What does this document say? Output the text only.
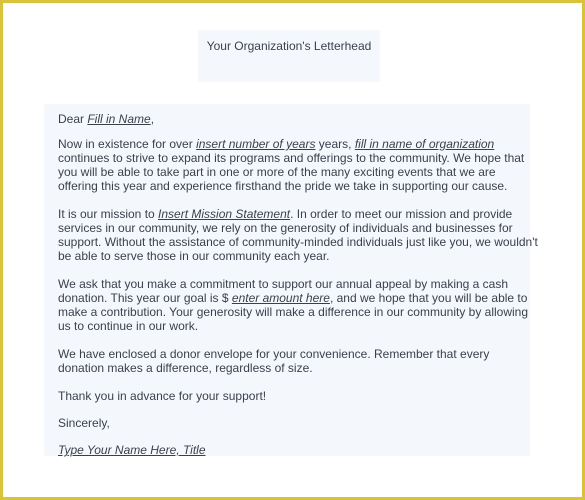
Your Organization's Letterhead

Dear Fill in Name,

Now in existence for over insert number of years years, fill in name of organization continues to strive to expand its programs and offerings to the community. We hope that you will be able to take part in one or more of the many exciting events that we are offering this year and experience firsthand the pride we take in supporting our cause.

It is our mission to Insert Mission Statement. In order to meet our mission and provide services in our community, we rely on the generosity of individuals and businesses for support. Without the assistance of community-minded individuals just like you, we wouldn't be able to serve those in our community each year.

We ask that you make a commitment to support our annual appeal by making a cash donation. This year our goal is $ enter amount here, and we hope that you will be able to make a contribution. Your generosity will make a difference in our community by allowing us to continue in our work.

We have enclosed a donor envelope for your convenience. Remember that every donation makes a difference, regardless of size.

Thank you in advance for your support!

Sincerely,

Type Your Name Here, Title
